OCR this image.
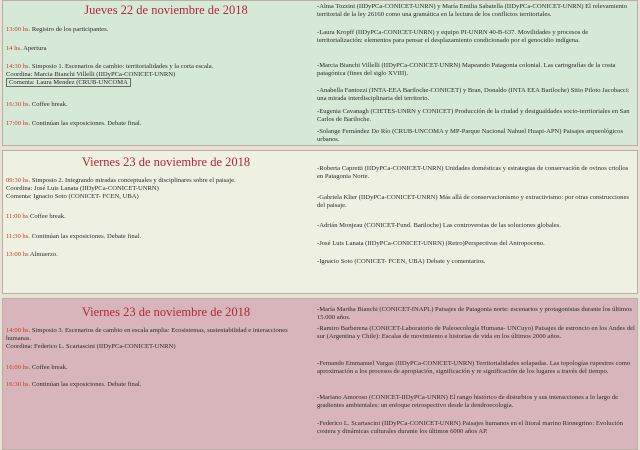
Jueves 22 de noviembre de 2018
13:00 hs. Registro de los participantes.
14 hs. Apertura
14:30 hs. Simposio 1. Escenarios de cambio: territorialidades y la corta escala.
Coordina: Marcia Bianchi Villelli (IIDyPCa-CONICET-UNRN)
Comenta: Laura Mendez (CRUB-UNCOMA
16:30 hs. Coffee break.
17:00 hs. Continúan las exposiciones. Debate final.
-Alma Tozzini (IIDyPCa-CONICET-UNRN) y María Emilia Sabatella (IIDyPCa-CONICET-UNRN) El relevamiento territorial de la ley 26160 como una gramática en la lectura de los conflictos territoriales.
-Laura Kropff (IIDyPCa-CONICET-UNRN) y equipo PI-UNRN 40-B-637. Movilidades y procesos de territorialización: elementos para pensar el desplazamiento condicionado por el genocidio indígena.
-Marcia Bianchi Villelli (IIDyPCa-CONICET-UNRN) Mapeando Patagonia colonial. Las cartografías de la costa patagónica (fines del siglo XVIII).
-Anabella Fantozzi (INTA-EEA Bariloche-CONICET) y Bran, Donaldo (INTA EEA Bariloche) Sitio Piloto Jacobacci: una mirada interdisciplinaria del territorio.
-Eugenia Cavanagh (CIETES-UNRN y CONICET) Producción de la ciudad y desigualdades socio-territoriales en San Carlos de Bariloche.
-Solange Fernández Do Río (CRUB-UNCOMA y MP-Parque Nacional Nahuel Huapi-APN) Paisajes arqueológicos urbanos.
Viernes 23 de noviembre de 2018
09:30 hs. Simposio 2. Integrando miradas conceptuales y disciplinares sobre el paisaje.
Coordina: José Luis Lanata (IIDyPCa-CONICET-UNRN)
Comenta: Ignacio Soto (CONICET- FCEN, UBA)
11:00 hs Coffee break.
11:30 hs. Continúan las exposiciones. Debate final.
13:00 hs Almuerzo.
-Roberta Capretti (IIDyPCa-CONICET-UNRN) Unidades domésticas y estrategias de conservación de ovinos criollos en Patagonia Norte.
-Gabriela Klier (IIDyPCa-CONICET-UNRN) Más allá de conservacionismo y extractivismo: por otras construcciones del paisaje.
-Adrián Monjeau (CONICET-Fund. Bariloche) Las controversias de las soluciones globales.
-José Luis Lanata (IIDyPCa-CONICET-UNRN) (Retro)Perspectivas del Antropoceno.
-Ignacio Soto (CONICET- FCEN, UBA) Debate y comentarios.
Viernes 23 de noviembre de 2018
14:00 hs. Simposio 3. Escenarios de cambio en escala amplia: Ecosistemas, sustentabilidad e interacciones humanas.
Coordina: Federico L. Scartascini (IIDyPCa-CONICET-UNRN)
16:00 hs. Coffee break.
16:30 hs. Continúan las exposiciones. Debate final.
-María Martha Bianchi (CONICET-INAPL) Paisajes de Patagonia norte: escenarios y protagonistas durante los últimos 15.000 años.
-Ramiro Barberena (CONICET-Laboratorio de Paleoecología Humana- UNCuyo) Paisajes de estroncio en los Andes del sur (Argentina y Chile): Escalas de movimiento e historias de vida en los últimos 2000 años.
-Fernando Emmanuel Vargas (IIDyPCa-CONICET-UNRN) Territorialidades solapadas. Las topologías rupestres como aproximación a los procesos de apropiación, significación y re significación de los lugares a través del tiempo.
-Mariano Amoroso (CONICET-IIDyPCa-UNRN) El rango histórico de disturbios y sus interacciones a lo largo de gradientes ambientales: un enfoque retrospectivo desde la dendroecología.
-Federico L. Scartascini (IIDyPCa-CONICET-UNRN) Paisajes humanos en el litoral marino Rionegrino: Evolución costera y dinámicas culturales durante los últimos 6000 años AP.
